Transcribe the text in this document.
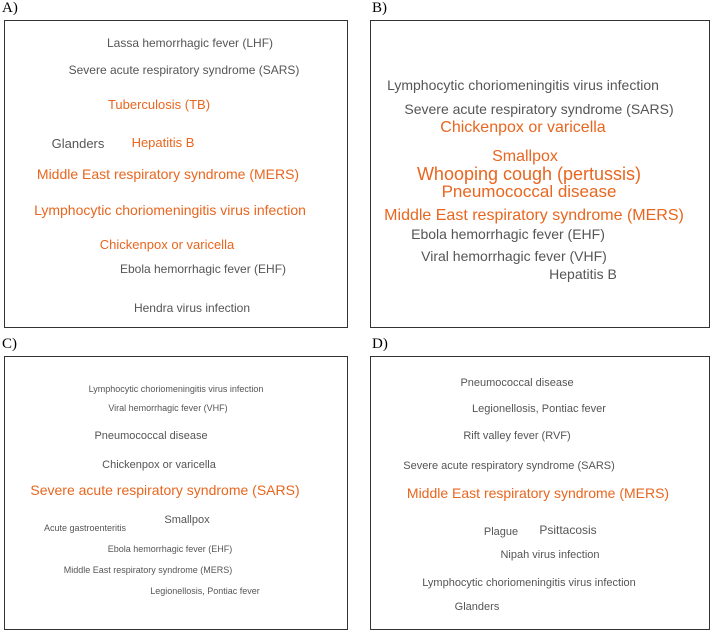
A)	B)
C)	D)
Lassa hemorrhagic fever (LHF)
Severe acute respiratory syndrome (SARS)
Tuberculosis (TB)
Glanders Hepatitis B
Middle East respiratory syndrome (MERS)
Lymphocytic choriomeningitis virus infection
Chickenpox or varicella
Ebola hemorrhagic fever (EHF)
Hendra virus infection
Lymphocytic choriomeningitis virus infection
Severe acute respiratory syndrome (SARS)
Chickenpox or varicella
Smallpox
Whooping cough (pertussis)
Pneumococcal disease
Middle East respiratory syndrome (MERS)
Ebola hemorrhagic fever (EHF)
Viral hemorrhagic fever (VHF)
Hepatitis B
Lymphocytic choriomeningitis virus infection
Viral hemorrhagic fever (VHF)
Pneumococcal disease
Chickenpox or varicella
Severe acute respiratory syndrome (SARS)
Acute gastroenteritis
Smallpox
Ebola hemorrhagic fever (EHF)
Middle East respiratory syndrome (MERS)
Legionellosis, Pontiac fever
Pneumococcal disease
Legionellosis, Pontiac fever
Rift valley fever (RVF)
Severe acute respiratory syndrome (SARS)
Middle East respiratory syndrome (MERS)
Plague Psittacosis
Nipah virus infection
Lymphocytic choriomeningitis virus infection
Glanders
